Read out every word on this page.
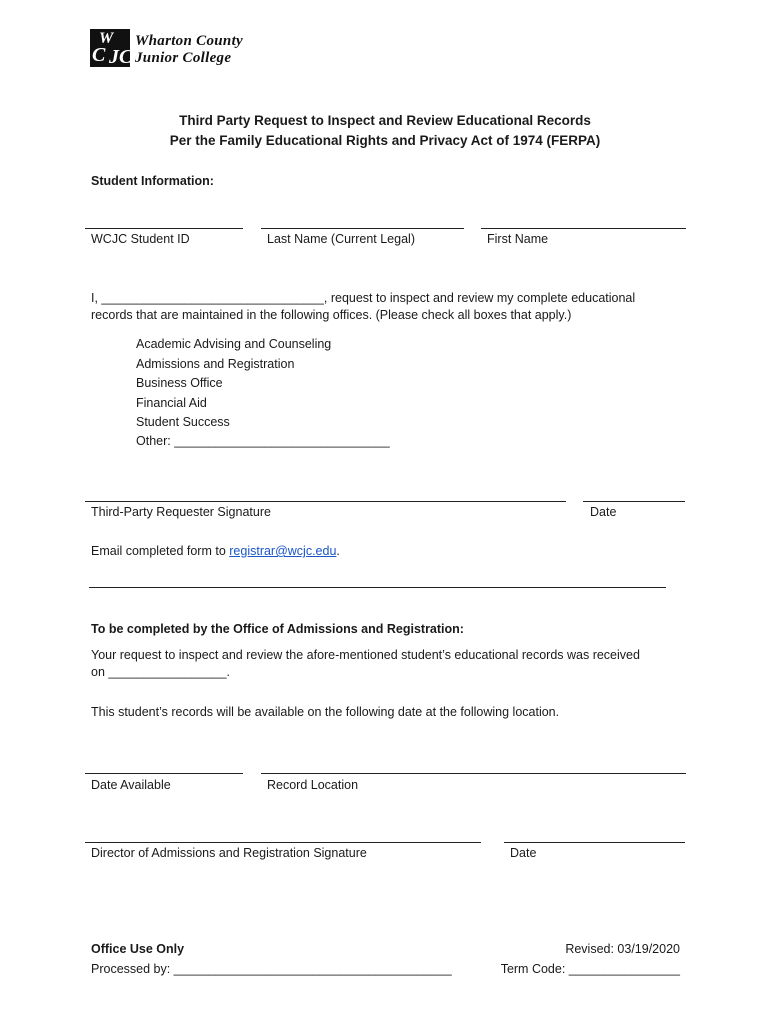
W
C JC
Wharton County
Junior College
Third Party Request to Inspect and Review Educational Records
Per the Family Educational Rights and Privacy Act of 1974 (FERPA)
Student Information:
WCJC Student ID	Last Name (Current Legal)	First Name
I, ________________________________, request to inspect and review my complete educational
records that are maintained in the following offices. (Please check all boxes that apply.)
Academic Advising and Counseling
Admissions and Registration
Business Office
Financial Aid
Student Success
Other: _______________________________
Third-Party Requester Signature	Date
Email completed form to registrar@wcjc.edu.
To be completed by the Office of Admissions and Registration:
Your request to inspect and review the afore-mentioned student’s educational records was received
on _________________.
This student’s records will be available on the following date at the following location.
Date Available	Record Location
Director of Admissions and Registration Signature	Date
Office Use Only
Processed by: ________________________________________
Revised: 03/19/2020
Term Code: ________________
